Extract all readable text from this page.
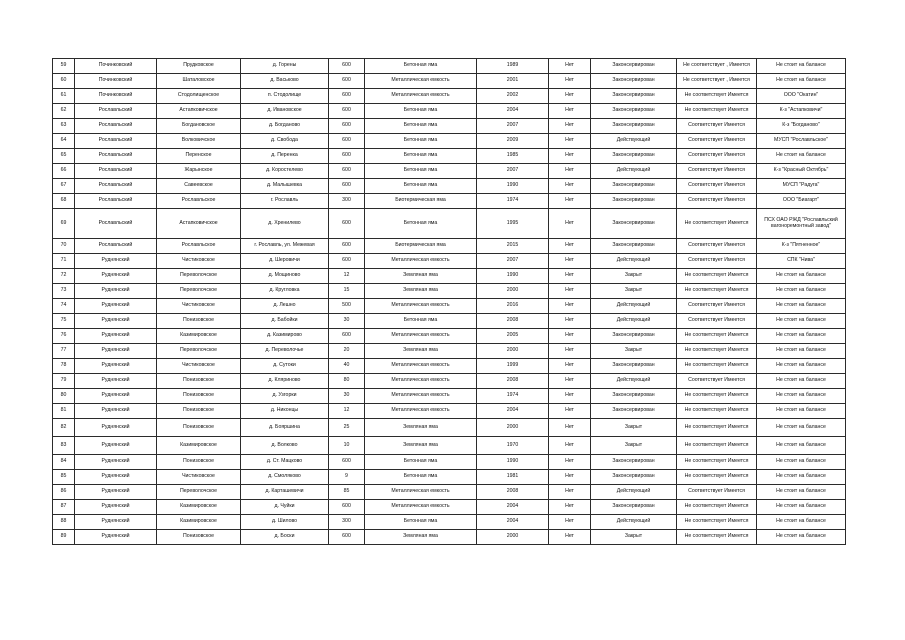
59	Починковский	Прудковское	д. Горены	600	Бетонная яма	1989	Нет	Законсервирован	Не соответствует , Имеется	Не стоит на балансе
60	Починковский	Шаталовское	д. Васьково	600	Металлическая емкость	2001	Нет	Законсервирован	Не соответствует , Имеется	Не стоит на балансе
61	Починковский	Стодолищенское	п. Стодолище	600	Металлическая емкость	2002	Нет	Законсервирован	Не соответствует Имеется	ООО "Окатин"
62	Рославльский	Астапковичское	д. Ивановское	600	Бетонная яма	2004	Нет	Законсервирован	Не соответствует Имеется	К-з "Астапковичи"
63	Рославльский	Богдановское	д. Богданово	600	Бетонная яма	2007	Нет	Законсервирован	Соответствует Имеется	К-з "Богданово"
64	Рославльский	Волковичское	д. Свобода	600	Бетонная яма	2009	Нет	Действующий	Соответствует Имеется	МУСП "Рославльское"
65	Рославльский	Перенское	д. Перенка	600	Бетонная яма	1985	Нет	Законсервирован	Соответствует Имеется	Не стоит на балансе
66	Рославльский	Жарынское	д. Коростелево	600	Бетонная яма	2007	Нет	Действующий	Соответствует Имеется	К-з "Красный Октябрь"
67	Рославльский	Савеевское	д. Малышевка	600	Бетонная яма	1990	Нет	Законсервирован	Соответствует Имеется	МУСП "Радуга"
68	Рославльский	Рославльское	г. Рославль	300	Биотермическая яма	1974	Нет	Законсервирован	Соответствует Имеется	ООО "Биагарт"
69	Рославльский	Астапковичское	д. Хренилево	600	Бетонная яма	1995	Нет	Законсервирован	Не соответствует Имеется	ПСХ ОАО РЖД "Рославльский вагоноремонтный завод"
70	Рославльский	Рославльское	г. Рославль, ул. Межевая	600	Биотермическая яма	2015	Нет	Законсервирован	Соответствует Имеется	К-з "Пятненное"
71	Руднянский	Чистиковское	д. Шеровичи	600	Металлическая емкость	2007	Нет	Действующий	Соответствует Имеется	СПК "Нива"
72	Руднянский	Переволочское	д. Мощиново	12	Земляная яма	1990	Нет	Закрыт	Не соответствует Имеется	Не стоит на балансе
73	Руднянский	Переволочское	д. Кругловка	15	Земляная яма	2000	Нет	Закрыт	Не соответствует Имеется	Не стоит на балансе
74	Руднянский	Чистиковское	д. Лешно	500	Металлическая емкость	2016	Нет	Действующий	Соответствует Имеется	Не стоит на балансе
75	Руднянский	Понизовское	д. Бабойки	30	Бетонная яма	2008	Нет	Действующий	Соответствует Имеется	Не стоит на балансе
76	Руднянский	Казимировское	д. Казимирово	600	Металлическая емкость	2005	Нет	Законсервирован	Не соответствует Имеется	Не стоит на балансе
77	Руднянский	Переволочское	д. Переволочье	20	Земляная яма	2000	Нет	Закрыт	Не соответствует Имеется	Не стоит на балансе
78	Руднянский	Чистиковское	д. Сутоки	40	Металлическая емкость	1999	Нет	Законсервирован	Не соответствует Имеется	Не стоит на балансе
79	Руднянский	Понизовское	д. Кляриново	80	Металлическая емкость	2008	Нет	Действующий	Соответствует Имеется	Не стоит на балансе
80	Руднянский	Понизовское	д. Узгорки	30	Металлическая емкость	1974	Нет	Законсервирован	Не соответствует Имеется	Не стоит на балансе
81	Руднянский	Понизовское	д. Никонцы	12	Металлическая емкость	2004	Нет	Законсервирован	Не соответствует Имеется	Не стоит на балансе
82	Руднянский	Понизовское	д. Бояршина	25	Земляная яма	2000	Нет	Закрыт	Не соответствует Имеется	Не стоит на балансе
83	Руднянский	Казимировское	д. Волково	10	Земляная яма	1970	Нет	Закрыт	Не соответствует Имеется	Не стоит на балансе
84	Руднянский	Понизовское	д. Ст. Мацково	600	Бетонная яма	1990	Нет	Законсервирован	Не соответствует Имеется	Не стоит на балансе
85	Руднянский	Чистиковское	д. Смоляково	9	Бетонная яма	1981	Нет	Законсервирован	Не соответствует Имеется	Не стоит на балансе
86	Руднянский	Переволочское	д. Карташевичи	85	Металлическая емкость	2008	Нет	Действующий	Соответствует Имеется	Не стоит на балансе
87	Руднянский	Казимировское	д. Чуйки	600	Металлическая емкость	2004	Нет	Законсервирован	Не соответствует Имеется	Не стоит на балансе
88	Руднянский	Казимировское	д. Шилово	300	Бетонная яма	2004	Нет	Действующий	Не соответствует Имеется	Не стоит на балансе
89	Руднянский	Понизовское	д. Боски	600	Земляная яма	2000	Нет	Закрыт	Не соответствует Имеется	Не стоит на балансе
